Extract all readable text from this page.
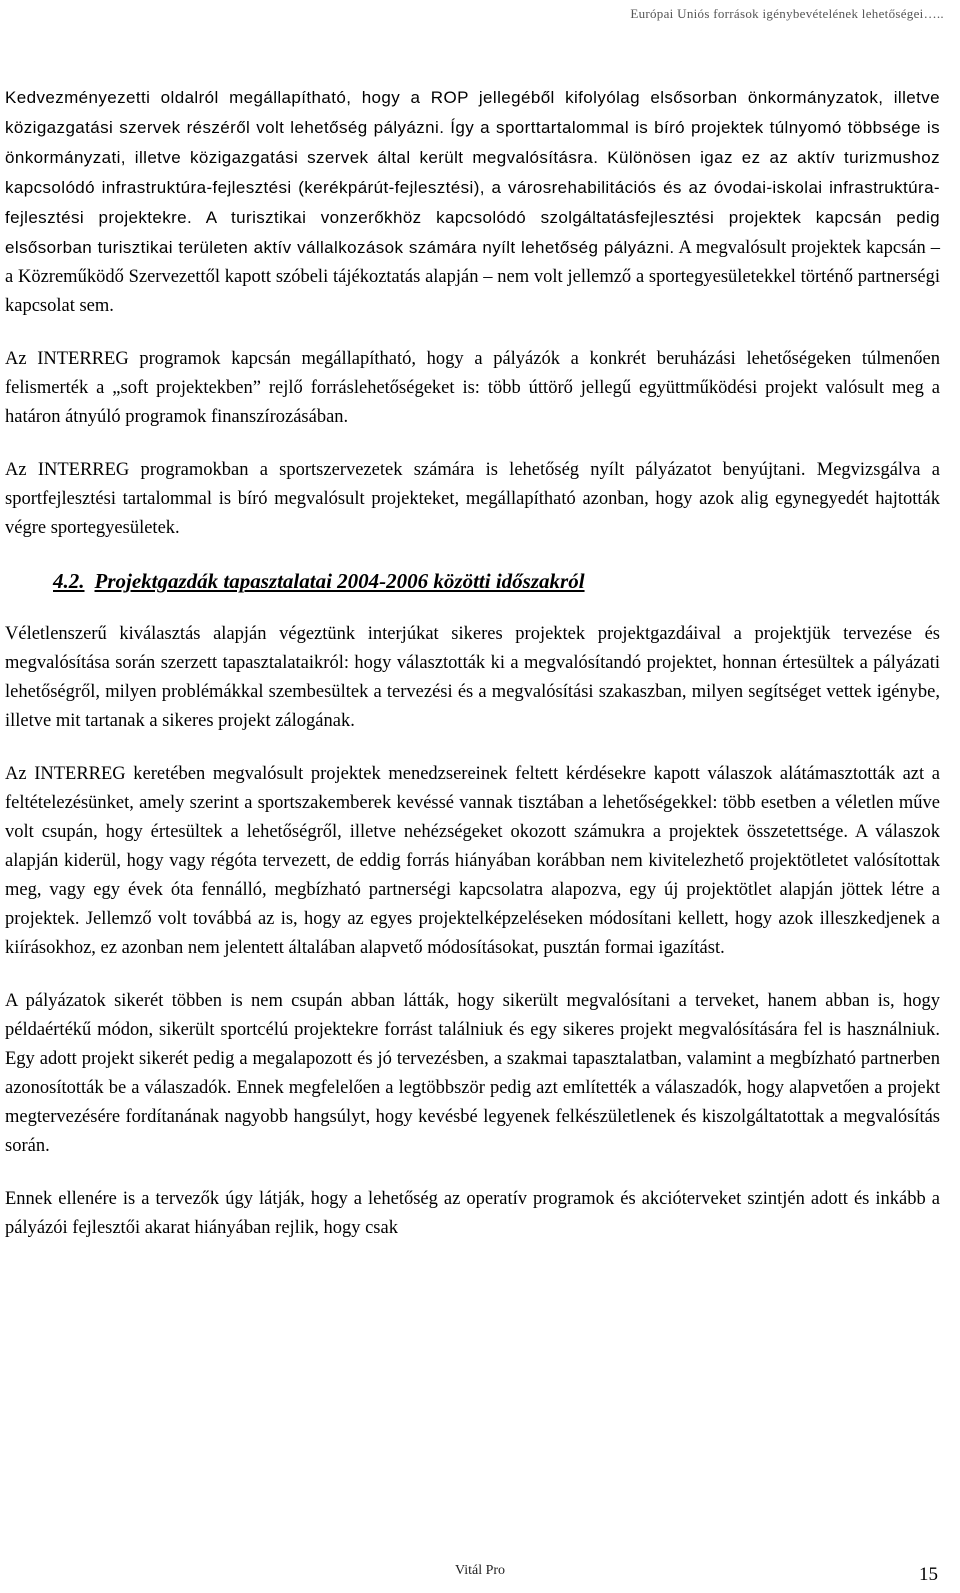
Európai Uniós források igénybevételének lehetőségei…..

Kedvezményezetti oldalról megállapítható, hogy a ROP jellegéből kifolyólag elsősorban önkormányzatok, illetve közigazgatási szervek részéről volt lehetőség pályázni. Így a sporttartalommal is bíró projektek túlnyomó többsége is önkormányzati, illetve közigazgatási szervek által került megvalósításra. Különösen igaz ez az aktív turizmushoz kapcsolódó infrastruktúra-fejlesztési (kerékpárút-fejlesztési), a városrehabilitációs és az óvodai-iskolai infrastruktúra-fejlesztési projektekre. A turisztikai vonzerőkhöz kapcsolódó szolgáltatásfejlesztési projektek kapcsán pedig elsősorban turisztikai területen aktív vállalkozások számára nyílt lehetőség pályázni. A megvalósult projektek kapcsán – a Közreműködő Szervezettől kapott szóbeli tájékoztatás alapján – nem volt jellemző a sportegyesületekkel történő partnerségi kapcsolat sem.

Az INTERREG programok kapcsán megállapítható, hogy a pályázók a konkrét beruházási lehetőségeken túlmenően felismerték a „soft projektekben” rejlő forráslehetőségeket is: több úttörő jellegű együttműködési projekt valósult meg a határon átnyúló programok finanszírozásában.

Az INTERREG programokban a sportszervezetek számára is lehetőség nyílt pályázatot benyújtani. Megvizsgálva a sportfejlesztési tartalommal is bíró megvalósult projekteket, megállapítható azonban, hogy azok alig egynegyedét hajtották végre sportegyesületek.

4.2. Projektgazdák tapasztalatai 2004-2006 közötti időszakról

Véletlenszerű kiválasztás alapján végeztünk interjúkat sikeres projektek projektgazdáival a projektjük tervezése és megvalósítása során szerzett tapasztalataikról: hogy választották ki a megvalósítandó projektet, honnan értesültek a pályázati lehetőségről, milyen problémákkal szembesültek a tervezési és a megvalósítási szakaszban, milyen segítséget vettek igénybe, illetve mit tartanak a sikeres projekt zálogának.

Az INTERREG keretében megvalósult projektek menedzsereinek feltett kérdésekre kapott válaszok alátámasztották azt a feltételezésünket, amely szerint a sportszakemberek kevéssé vannak tisztában a lehetőségekkel: több esetben a véletlen műve volt csupán, hogy értesültek a lehetőségről, illetve nehézségeket okozott számukra a projektek összetettsége. A válaszok alapján kiderül, hogy vagy régóta tervezett, de eddig forrás hiányában korábban nem kivitelezhető projektötletet valósítottak meg, vagy egy évek óta fennálló, megbízható partnerségi kapcsolatra alapozva, egy új projektötlet alapján jöttek létre a projektek. Jellemző volt továbbá az is, hogy az egyes projektelképzeléseken módosítani kellett, hogy azok illeszkedjenek a kiírásokhoz, ez azonban nem jelentett általában alapvető módosításokat, pusztán formai igazítást.

A pályázatok sikerét többen is nem csupán abban látták, hogy sikerült megvalósítani a terveket, hanem abban is, hogy példaértékű módon, sikerült sportcélú projektekre forrást találniuk és egy sikeres projekt megvalósítására fel is használniuk. Egy adott projekt sikerét pedig a megalapozott és jó tervezésben, a szakmai tapasztalatban, valamint a megbízható partnerben azonosították be a válaszadók. Ennek megfelelően a legtöbbször pedig azt említették a válaszadók, hogy alapvetően a projekt megtervezésére fordítanának nagyobb hangsúlyt, hogy kevésbé legyenek felkészületlenek és kiszolgáltatottak a megvalósítás során.

Ennek ellenére is a tervezők úgy látják, hogy a lehetőség az operatív programok és akcióterveket szintjén adott és inkább a pályázói fejlesztői akarat hiányában rejlik, hogy csak

Vitál Pro	15
